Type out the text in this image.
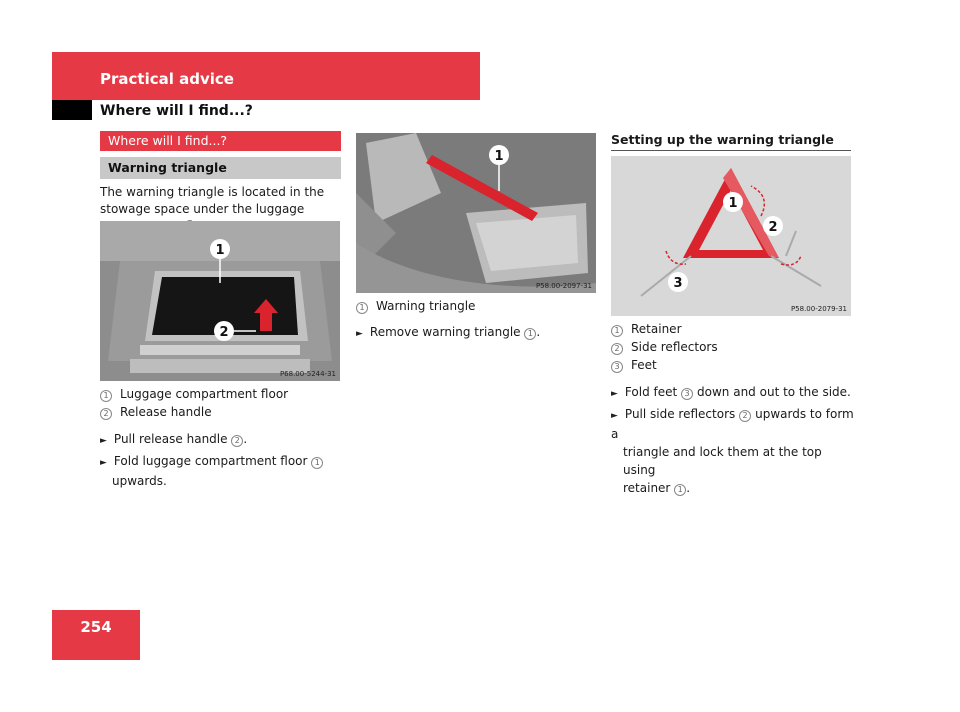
Practical advice
Where will I find...?
Where will I find...?
Warning triangle
The warning triangle is located in the stowage space under the luggage
1
2
P68.00-5244-31
1 Luggage compartment floor
2 Release handle
► Pull release handle 2 .
► Fold luggage compartment floor 1
upwards.
1
P58.00-2097-31
1 Warning triangle
► Remove warning triangle 1 .
Setting up the warning triangle
1
2
3
P58.00-2079-31
1 Retainer
2 Side reflectors
3 Feet
► Fold feet 3 down and out to the side.
► Pull side reflectors 2 upwards to form a
triangle and lock them at the top using
retainer 1 .
254
